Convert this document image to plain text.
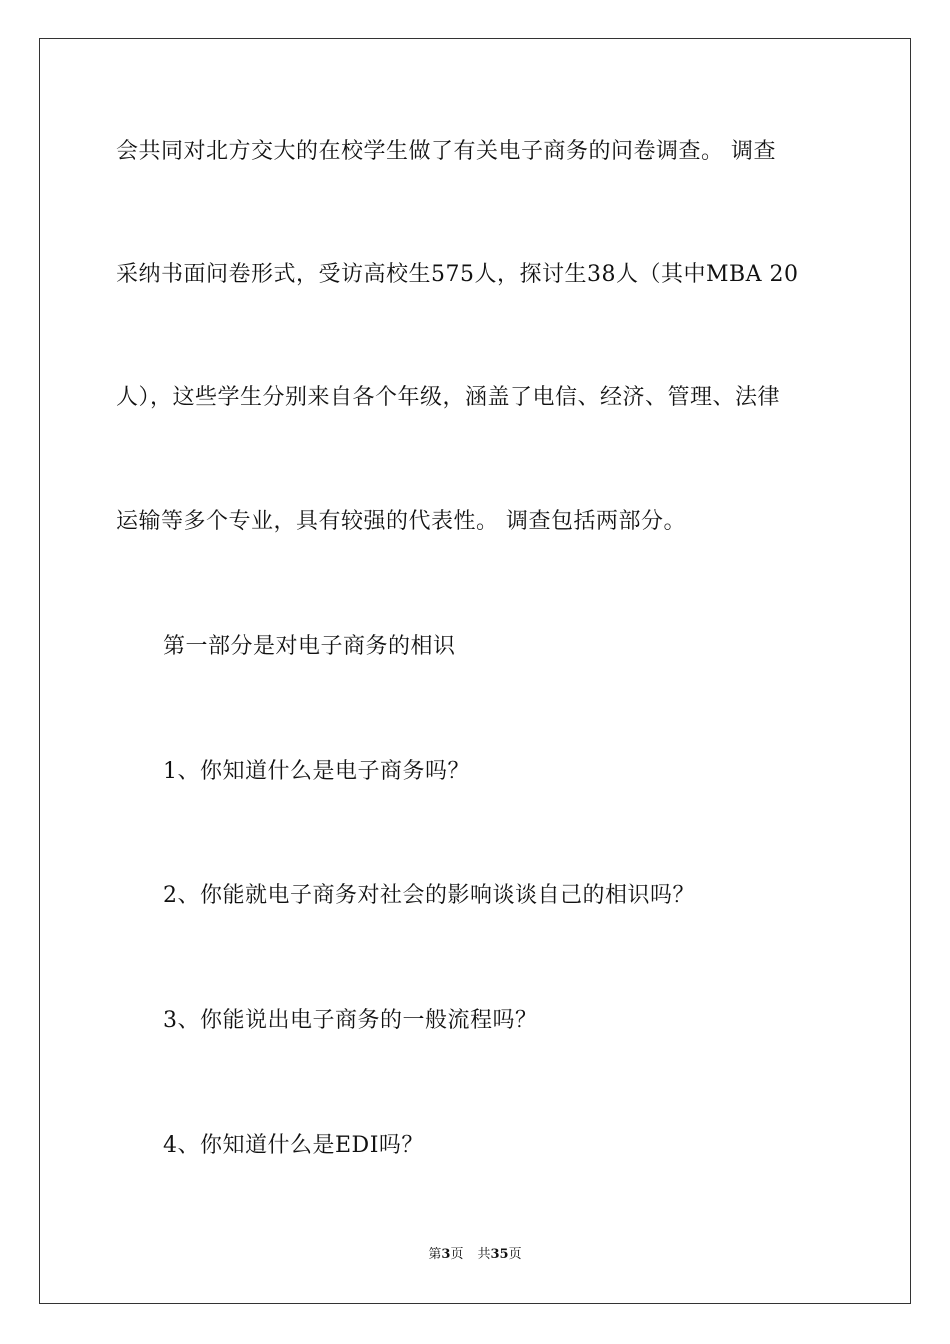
会共同对北方交大的在校学生做了有关电子商务的问卷调查。 调查
采纳书面问卷形式，受访高校生575人，探讨生38人（其中MBA 20
人），这些学生分别来自各个年级，涵盖了电信、经济、管理、法律
运输等多个专业，具有较强的代表性。 调查包括两部分。
第一部分是对电子商务的相识
1、你知道什么是电子商务吗？
2、你能就电子商务对社会的影响谈谈自己的相识吗？
3、你能说出电子商务的一般流程吗？
4、你知道什么是EDI吗？
第3页 共35页
